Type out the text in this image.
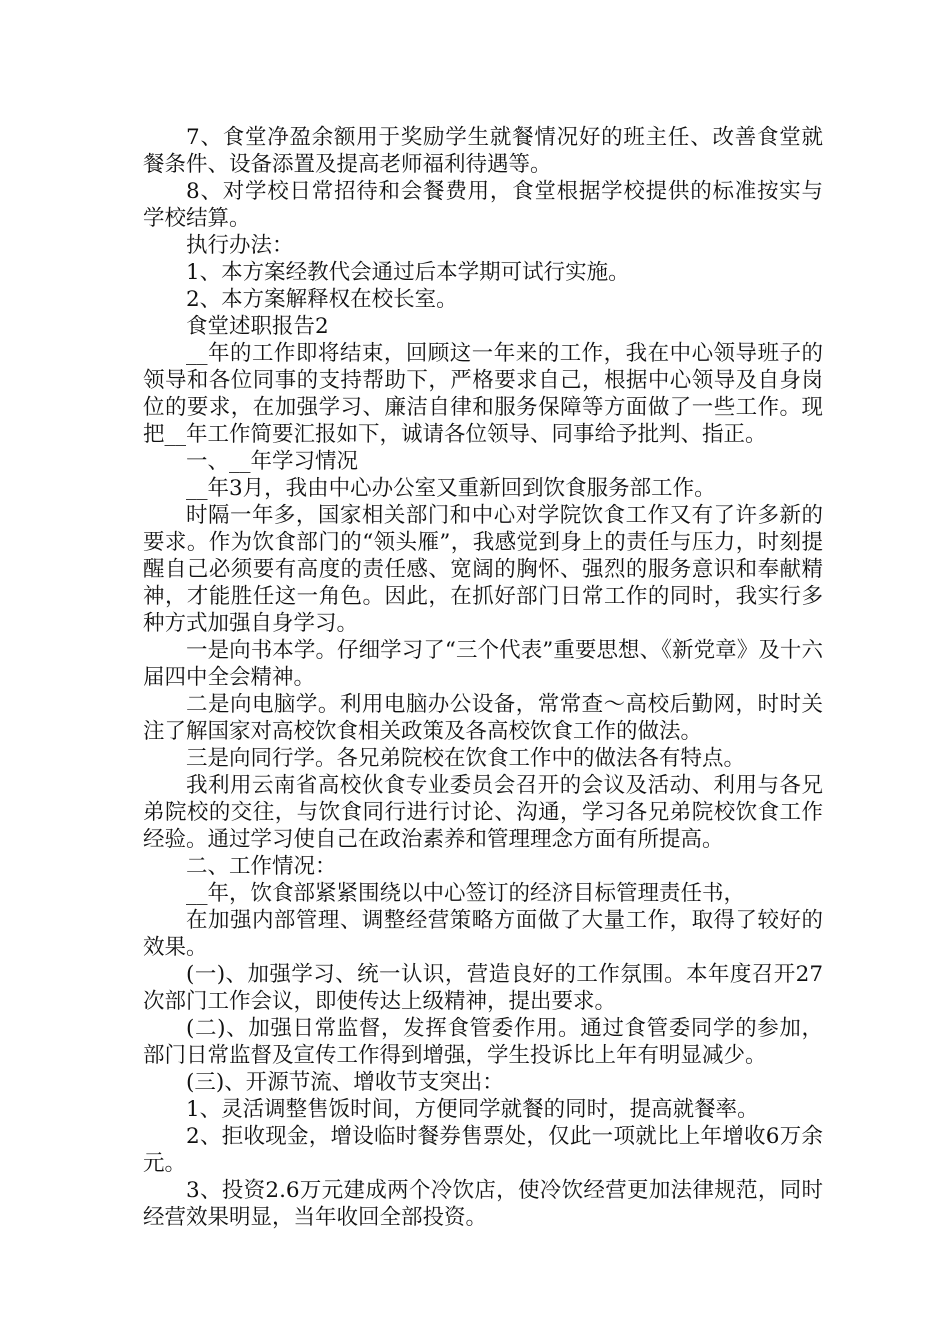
7、食堂净盈余额用于奖励学生就餐情况好的班主任、改善食堂就餐条件、设备添置及提高老师福利待遇等。

8、对学校日常招待和会餐费用，食堂根据学校提供的标准按实与学校结算。

执行办法：

1、本方案经教代会通过后本学期可试行实施。

2、本方案解释权在校长室。

食堂述职报告2

__年的工作即将结束，回顾这一年来的工作，我在中心领导班子的领导和各位同事的支持帮助下，严格要求自己，根据中心领导及自身岗位的要求，在加强学习、廉洁自律和服务保障等方面做了一些工作。现把__年工作简要汇报如下，诚请各位领导、同事给予批判、指正。

一、__年学习情况

__年3月，我由中心办公室又重新回到饮食服务部工作。

时隔一年多，国家相关部门和中心对学院饮食工作又有了许多新的要求。作为饮食部门的“领头雁”，我感觉到身上的责任与压力，时刻提醒自己必须要有高度的责任感、宽阔的胸怀、强烈的服务意识和奉献精神，才能胜任这一角色。因此，在抓好部门日常工作的同时，我实行多种方式加强自身学习。

一是向书本学。仔细学习了“三个代表”重要思想、《新党章》及十六届四中全会精神。

二是向电脑学。利用电脑办公设备，常常查～高校后勤网，时时关注了解国家对高校饮食相关政策及各高校饮食工作的做法。

三是向同行学。各兄弟院校在饮食工作中的做法各有特点。

我利用云南省高校伙食专业委员会召开的会议及活动、利用与各兄弟院校的交往，与饮食同行进行讨论、沟通，学习各兄弟院校饮食工作经验。通过学习使自己在政治素养和管理理念方面有所提高。

二、工作情况：

__年，饮食部紧紧围绕以中心签订的经济目标管理责任书，

在加强内部管理、调整经营策略方面做了大量工作，取得了较好的效果。

(一)、加强学习、统一认识，营造良好的工作氛围。本年度召开27次部门工作会议，即使传达上级精神，提出要求。

(二)、加强日常监督，发挥食管委作用。通过食管委同学的参加，部门日常监督及宣传工作得到增强，学生投诉比上年有明显减少。

(三)、开源节流、增收节支突出：

1、灵活调整售饭时间，方便同学就餐的同时，提高就餐率。

2、拒收现金，增设临时餐券售票处，仅此一项就比上年增收6万余元。

3、投资2.6万元建成两个冷饮店，使冷饮经营更加法律规范，同时经营效果明显，当年收回全部投资。
